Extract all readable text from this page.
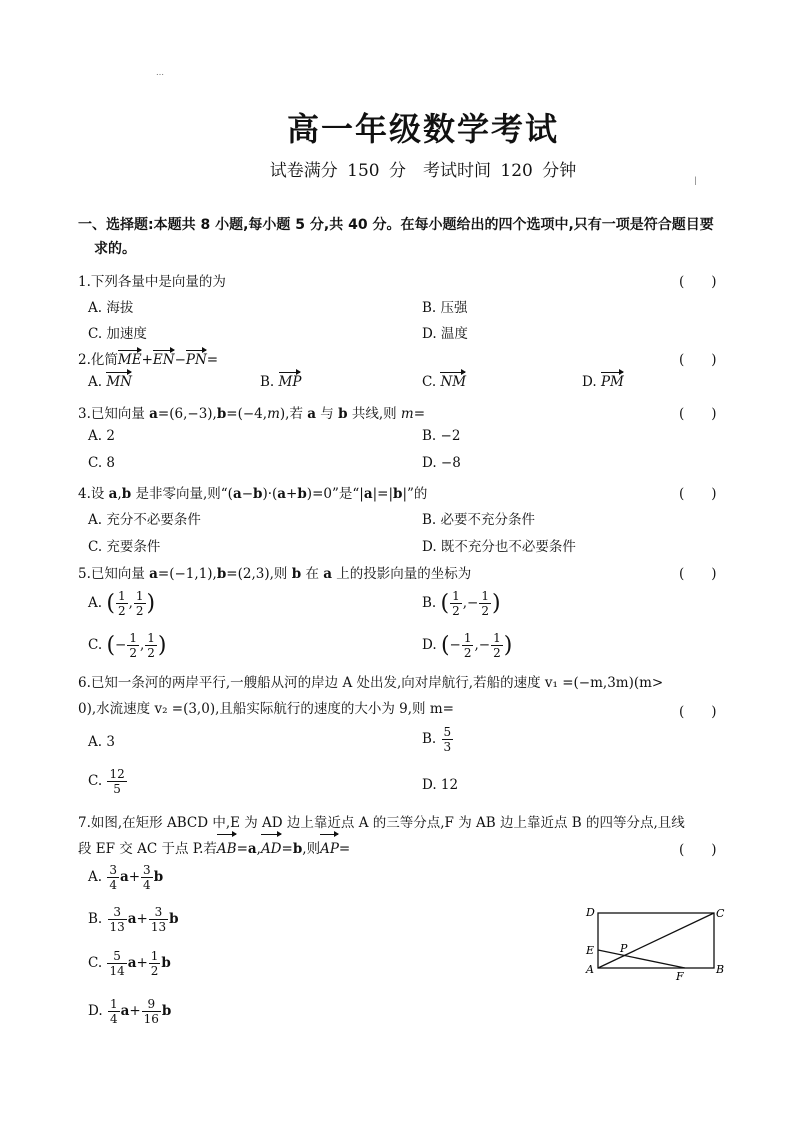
…
高一年级数学考试
试卷满分 150 分　考试时间 120 分钟	|
一、选择题:本题共 8 小题,每小题 5 分,共 40 分。在每小题给出的四个选项中,只有一项是符合题目要
求的。
1.下列各量中是向量的为	(　　)
A. 海拔	B. 压强
C. 加速度	D. 温度
2.化简ME+EN−PN=	(　　)
A. MN	B. MP	C. NM	D. PM
3.已知向量 a=(6,−3),b=(−4,m),若 a 与 b 共线,则 m=	(　　)
A. 2	B. −2
C. 8	D. −8
4.设 a,b 是非零向量,则“(a−b)·(a+b)=0”是“|a|=|b|”的	(　　)
A. 充分不必要条件	B. 必要不充分条件
C. 充要条件	D. 既不充分也不必要条件
5.已知向量 a=(−1,1),b=(2,3),则 b 在 a 上的投影向量的坐标为	(　　)
A. ( $\frac{1}{2}$ , $\frac{1}{2}$ )	B. ( $\frac{1}{2}$ ,− $\frac{1}{2}$ )
C. (− $\frac{1}{2}$ , $\frac{1}{2}$ )	D. (− $\frac{1}{2}$ ,− $\frac{1}{2}$ )
6.已知一条河的两岸平行,一艘船从河的岸边 A 处出发,向对岸航行,若船的速度 v₁ =(−m,3m)(m>
0),水流速度 v₂ =(3,0),且船实际航行的速度的大小为 9,则 m=	(　　)
A. 3	B. $\frac{5}{3}$
C. $\frac{12}{5}$	D. 12
7.如图,在矩形 ABCD 中,E 为 AD 边上靠近点 A 的三等分点,F 为 AB 边上靠近点 B 的四等分点,且线
段 EF 交 AC 于点 P.若AB=a,AD=b,则AP=	(　　)
A. $\frac{3}{4} a+ \frac{3}{4}$ b
B. $\frac{3}{13} a+ \frac{3}{13}$ b
C. $\frac{5}{14} a+ \frac{1}{2}$ b
D. $\frac{1}{4} a+ \frac{9}{16}$ b
D	C
E P
A
F
B
